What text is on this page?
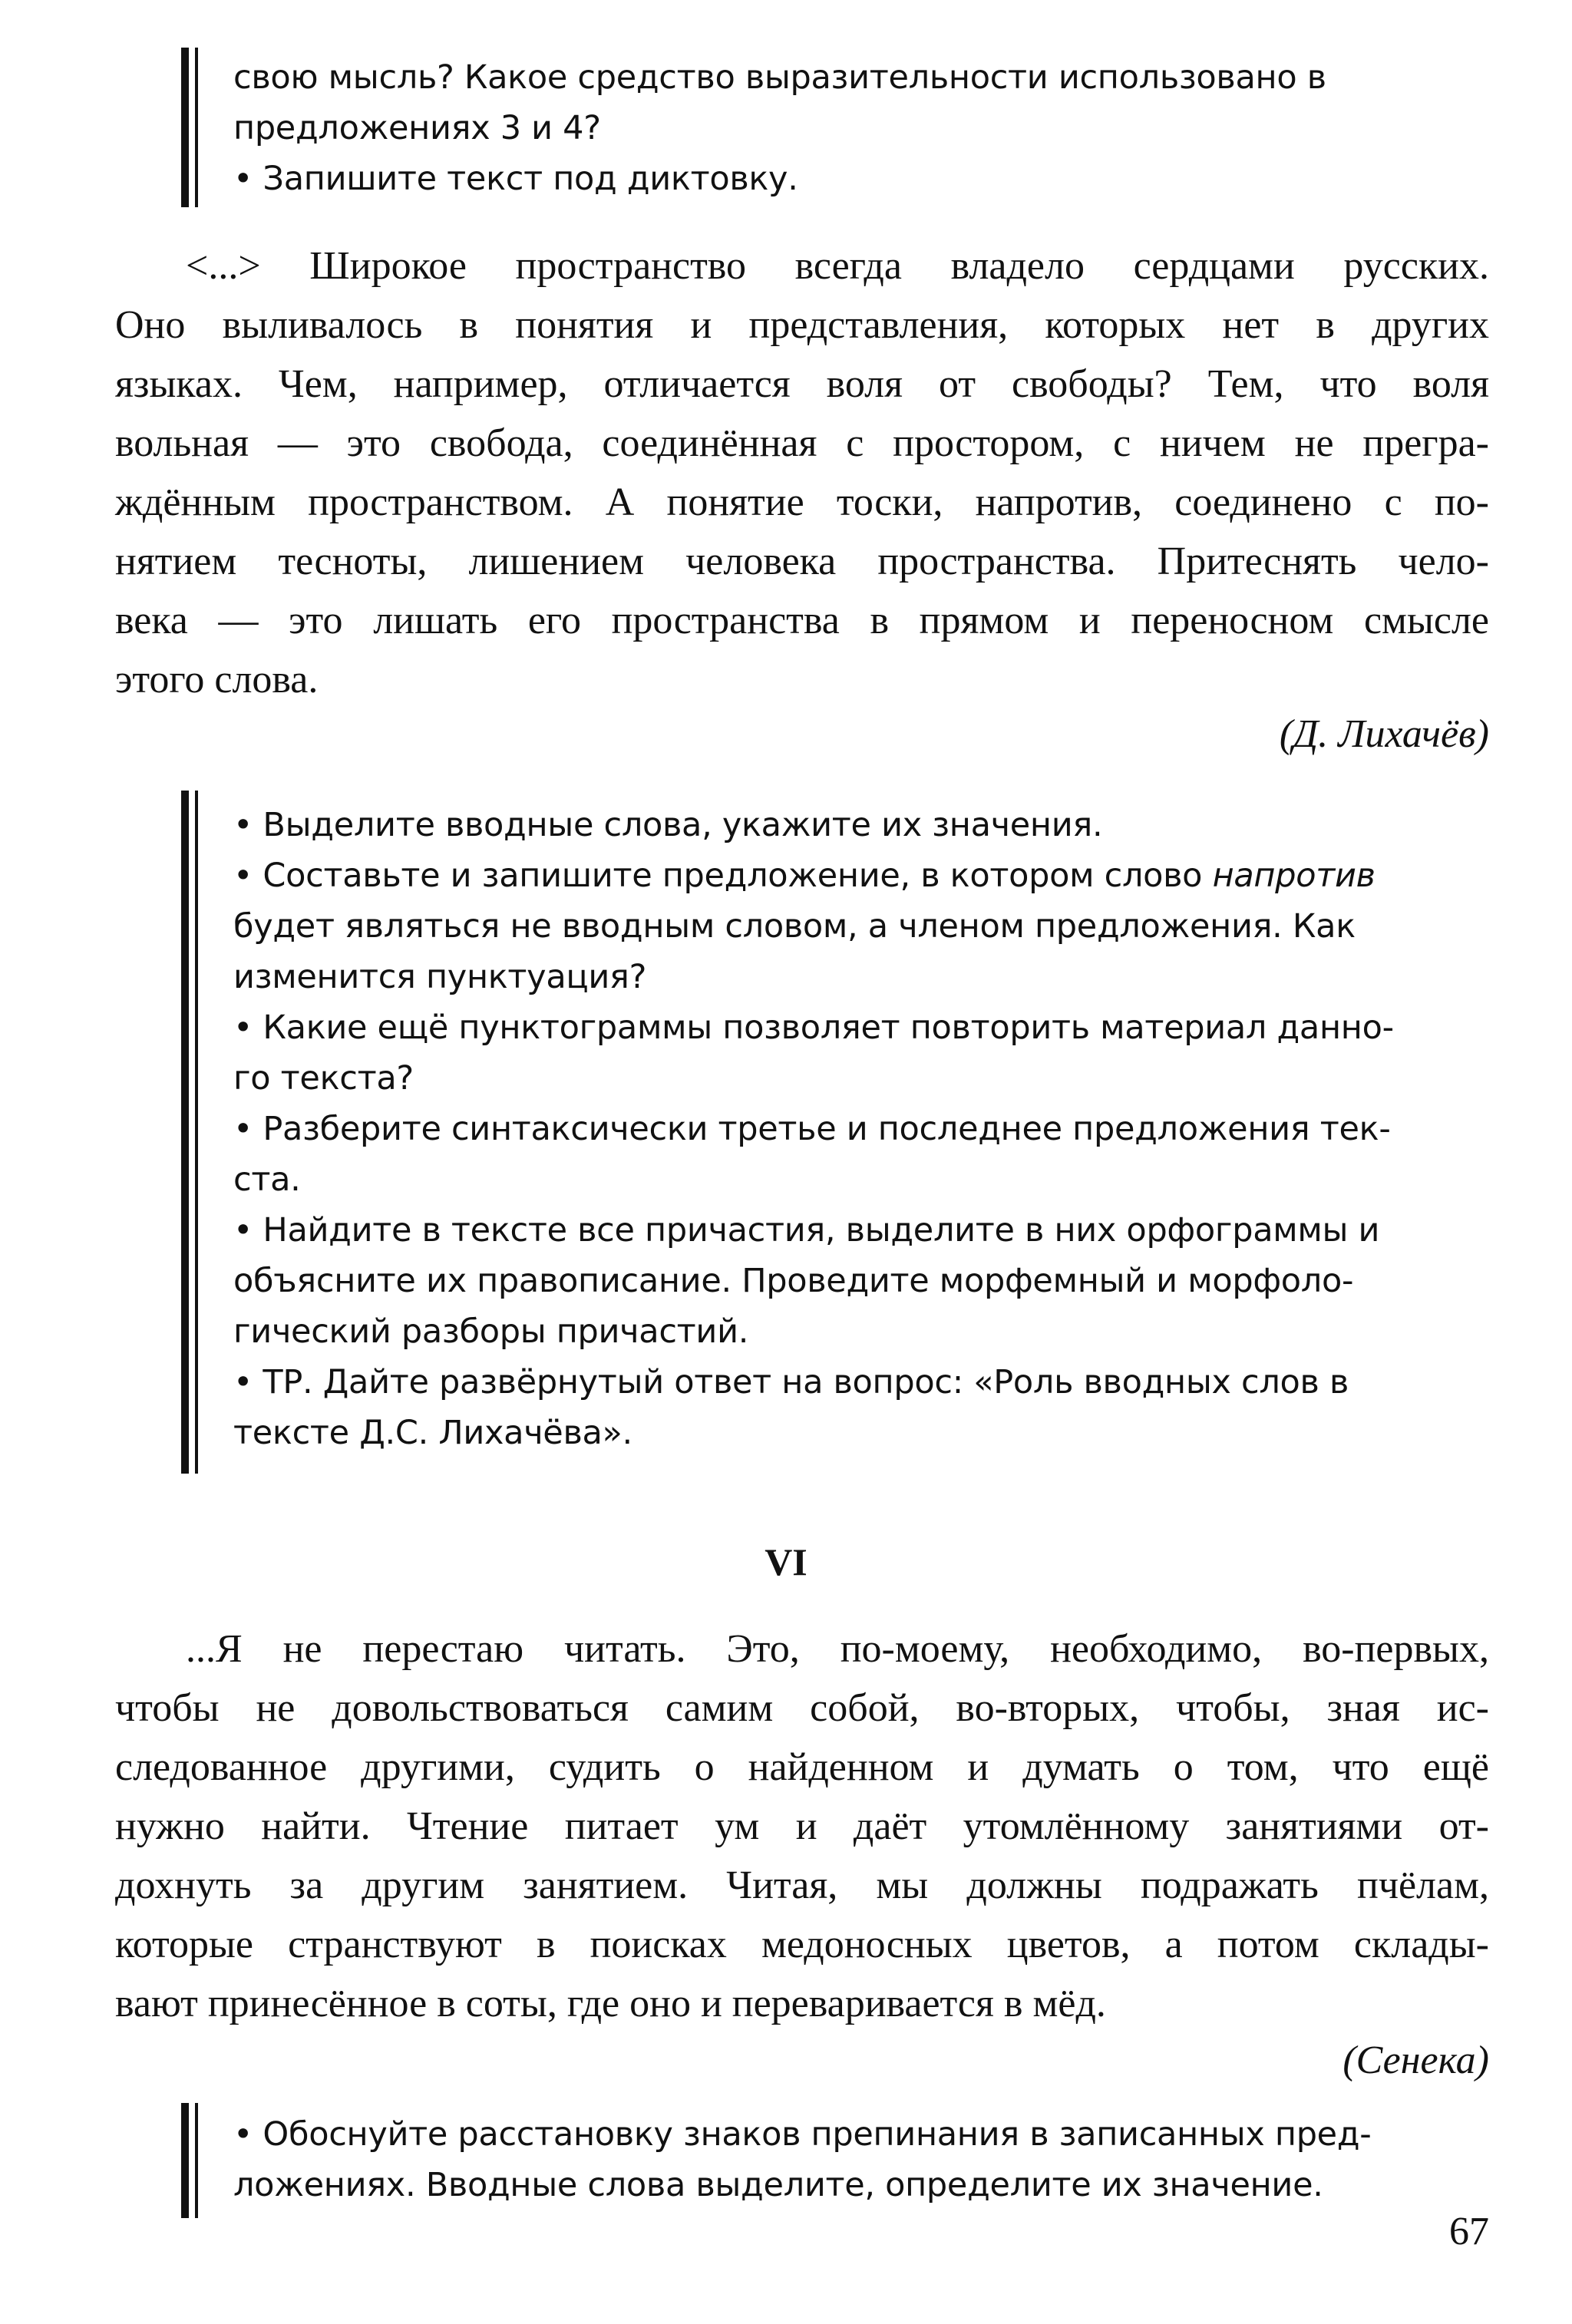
свою мысль? Какое средство выразительности использовано в
предложениях 3 и 4?
• Запишите текст под диктовку.
<...> Широкое пространство всегда владело сердцами русских.
Оно выливалось в понятия и представления, которых нет в других
языках. Чем, например, отличается воля от свободы? Тем, что воля
вольная — это свобода, соединённая с простором, с ничем не прегра-
ждённым пространством. А понятие тоски, напротив, соединено с по-
нятием тесноты, лишением человека пространства. Притеснять чело-
века — это лишать его пространства в прямом и переносном смысле
этого слова.
(Д. Лихачёв)
• Выделите вводные слова, укажите их значения.
• Составьте и запишите предложение, в котором слово напротив
будет являться не вводным словом, а членом предложения. Как
изменится пунктуация?
• Какие ещё пунктограммы позволяет повторить материал данно-
го текста?
• Разберите синтаксически третье и последнее предложения тек-
ста.
• Найдите в тексте все причастия, выделите в них орфограммы и
объясните их правописание. Проведите морфемный и морфоло-
гический разборы причастий.
• ТР. Дайте развёрнутый ответ на вопрос: «Роль вводных слов в
тексте Д.С. Лихачёва».
VI
...Я не перестаю читать. Это, по-моему, необходимо, во-первых,
чтобы не довольствоваться самим собой, во-вторых, чтобы, зная ис-
следованное другими, судить о найденном и думать о том, что ещё
нужно найти. Чтение питает ум и даёт утомлённому занятиями от-
дохнуть за другим занятием. Читая, мы должны подражать пчёлам,
которые странствуют в поисках медоносных цветов, а потом склады-
вают принесённое в соты, где оно и переваривается в мёд.
(Сенека)
• Обоснуйте расстановку знаков препинания в записанных пред-
ложениях. Вводные слова выделите, определите их значение.
67
